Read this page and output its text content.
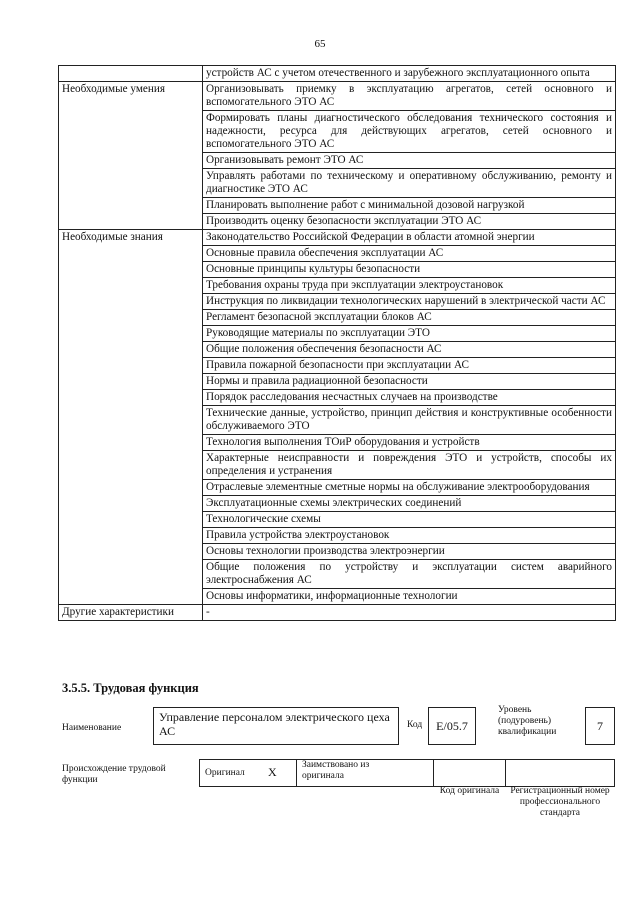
65
	устройств АС с учетом отечественного и зарубежного эксплуатационного опыта
Необходимые умения	Организовывать приемку в эксплуатацию агрегатов, сетей основного и вспомогательного ЭТО АС
	Формировать планы диагностического обследования технического состояния и надежности, ресурса для действующих агрегатов, сетей основного и вспомогательного ЭТО АС
	Организовывать ремонт ЭТО АС
	Управлять работами по техническому и оперативному обслуживанию, ремонту и диагностике ЭТО АС
	Планировать выполнение работ с минимальной дозовой нагрузкой
	Производить оценку безопасности эксплуатации ЭТО АС
Необходимые знания	Законодательство Российской Федерации в области атомной энергии
	Основные правила обеспечения эксплуатации АС
	Основные принципы культуры безопасности
	Требования охраны труда при эксплуатации электроустановок
	Инструкция по ликвидации технологических нарушений в электрической части АС
	Регламент безопасной эксплуатации блоков АС
	Руководящие материалы по эксплуатации ЭТО
	Общие положения обеспечения безопасности АС
	Правила пожарной безопасности при эксплуатации АС
	Нормы и правила радиационной безопасности
	Порядок расследования несчастных случаев на производстве
	Технические данные, устройство, принцип действия и конструктивные особенности обслуживаемого ЭТО
	Технология выполнения ТОиР оборудования и устройств
	Характерные неисправности и повреждения ЭТО и устройств, способы их определения и устранения
	Отраслевые элементные сметные нормы на обслуживание электрооборудования
	Эксплуатационные схемы электрических соединений
	Технологические схемы
	Правила устройства электроустановок
	Основы технологии производства электроэнергии
	Общие положения по устройству и эксплуатации систем аварийного электроснабжения АС
	Основы информатики, информационные технологии
Другие характеристики	-
3.5.5. Трудовая функция
Наименование
Управление персоналом электрического цеха АС	Код	E/05.7
Уровень (подуровень) квалификации	7
Происхождение трудовой функции
Оригинал X	Заимствовано из оригинала
Код оригинала	Регистрационный номер профессионального стандарта
